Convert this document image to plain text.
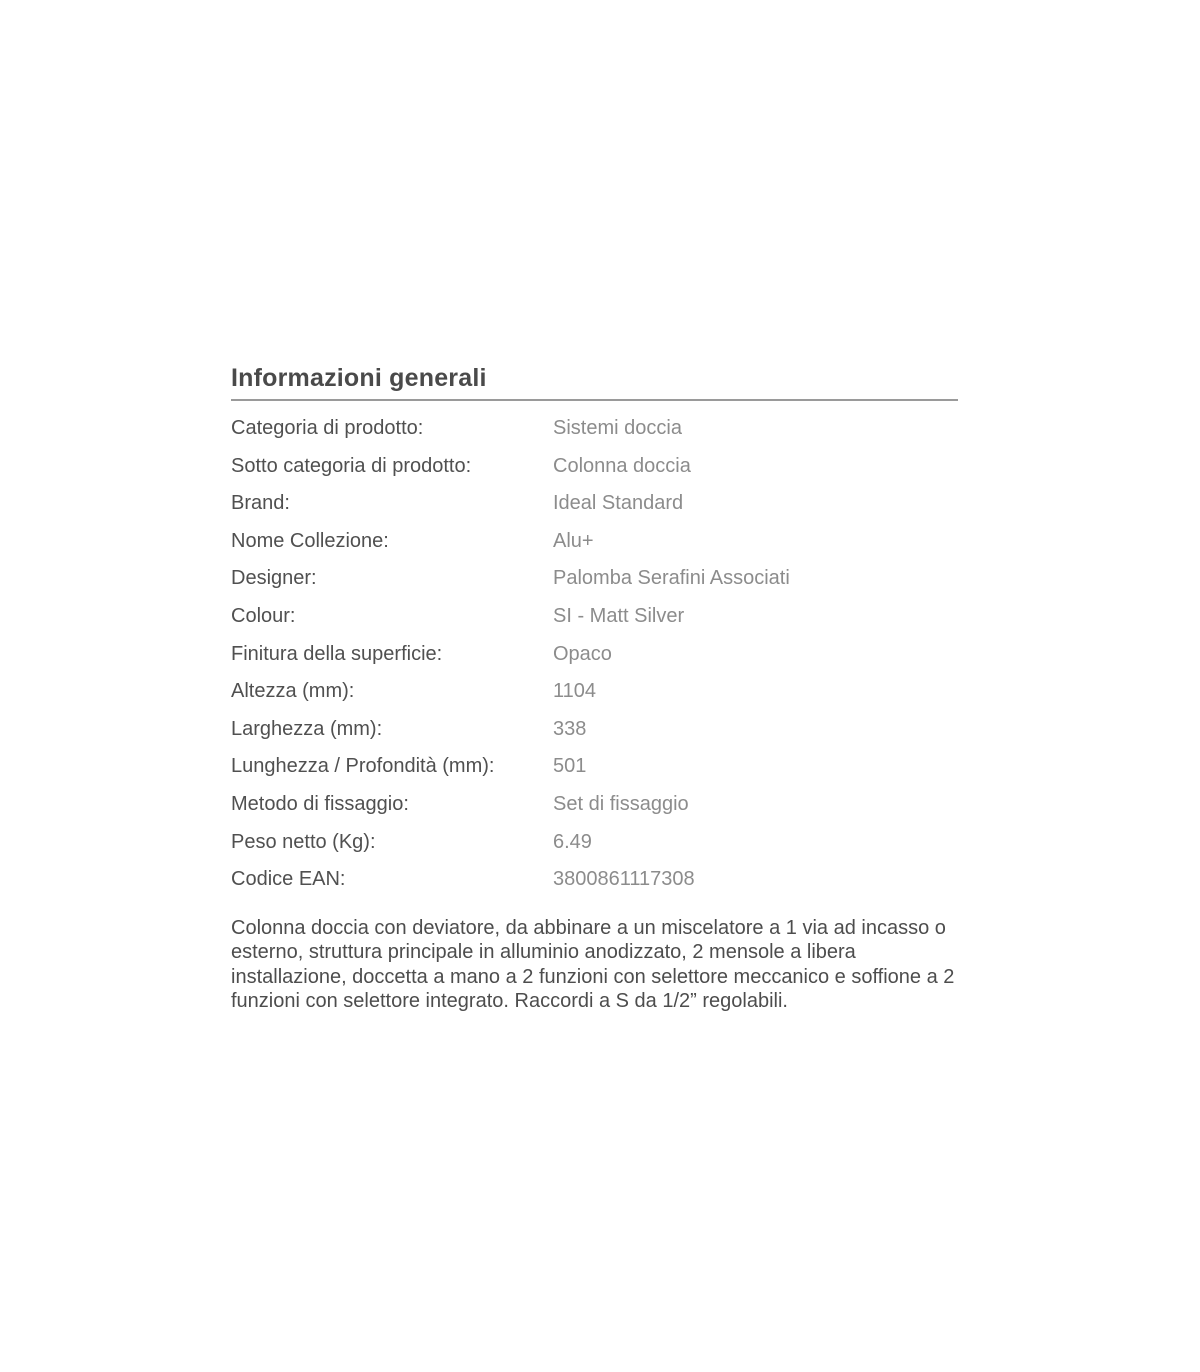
Informazioni generali
Categoria di prodotto:	Sistemi doccia
Sotto categoria di prodotto:	Colonna doccia
Brand:	Ideal Standard
Nome Collezione:	Alu+
Designer:	Palomba Serafini Associati
Colour:	SI - Matt Silver
Finitura della superficie:	Opaco
Altezza (mm):	1104
Larghezza (mm):	338
Lunghezza / Profondità (mm):	501
Metodo di fissaggio:	Set di fissaggio
Peso netto (Kg):	6.49
Codice EAN:	3800861117308

Colonna doccia con deviatore, da abbinare a un miscelatore a 1 via ad incasso o esterno, struttura principale in alluminio anodizzato, 2 mensole a libera installazione, doccetta a mano a 2 funzioni con selettore meccanico e soffione a 2 funzioni con selettore integrato. Raccordi a S da 1/2” regolabili.
